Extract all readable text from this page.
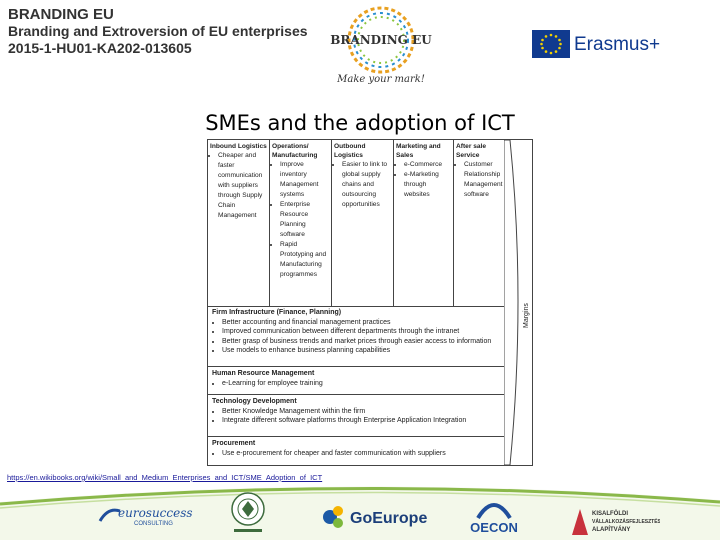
BRANDING EU
Branding and Extroversion of EU enterprises
2015-1-HU01-KA202-013605	BRANDING EU
Make your mark!
Erasmus+
SMEs and the adoption of ICT
Inbound Logistics
• Cheaper and faster communication with suppliers through Supply Chain Management
Operations/ Manufacturing
• Improve inventory Management systems
• Enterprise Resource Planning software
• Rapid Prototyping and Manufacturing programmes
Outbound Logistics
• Easier to link to global supply chains and outsourcing opportunities
Marketing and Sales
• e-Commerce
• e-Marketing through websites
After sale Service
• Customer Relationship Management software
Margins
Firm Infrastructure (Finance, Planning)
• Better accounting and financial management practices
• Improved communication between different departments through the intranet
• Better grasp of business trends and market prices through easier access to information
• Use models to enhance business planning capabilities
Human Resource Management
• e-Learning for employee training
Technology Development
• Better Knowledge Management within the firm
• Integrate different software platforms through Enterprise Application Integration
Procurement
• Use e-procurement for cheaper and faster communication with suppliers
https://en.wikibooks.org/wiki/Small_and_Medium_Enterprises_and_ICT/SME_Adoption_of_ICT
eurosuccess
CONSULTING	GoEurope
OECON
KISALFÖLDI
VÁLLALKOZÁSFEJLESZTÉSI
ALAPÍTVÁNY
